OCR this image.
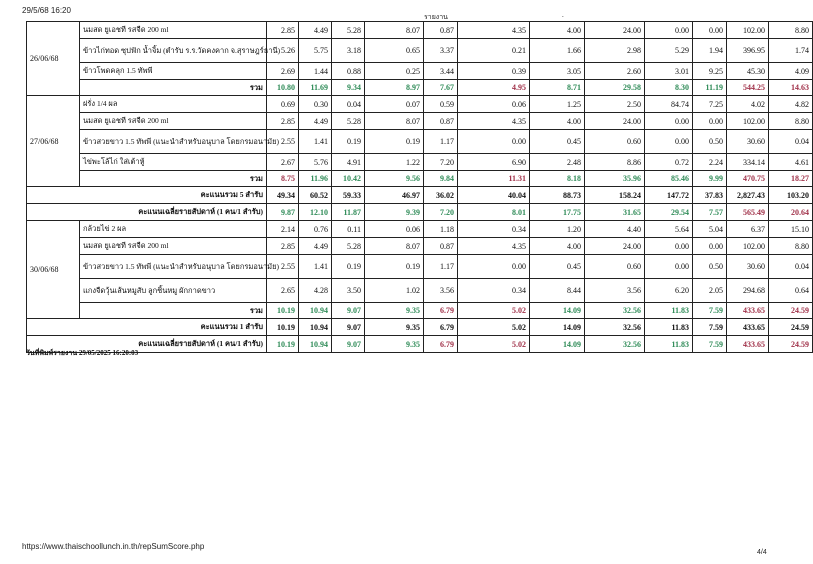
29/5/68 16:20
รายงาน	.
26/06/68	นมสด ยูเอชที รสจืด 200 ml	2.85	4.49	5.28	8.07	0.87	4.35	4.00	24.00	0.00	0.00	102.00	8.80
	ข้าวไก่ทอด ซุปฟัก น้ำจิ้ม (ตำรับ ร.ร.วัดคงคาก จ.สุราษฎร์ธานี)	5.26	5.75	3.18	0.65	3.37	0.21	1.66	2.98	5.29	1.94	396.95	1.74
	ข้าวโพดคลุก 1.5 ทัพพี	2.69	1.44	0.88	0.25	3.44	0.39	3.05	2.60	3.01	9.25	45.30	4.09
	รวม	10.80	11.69	9.34	8.97	7.67	4.95	8.71	29.58	8.30	11.19	544.25	14.63
27/06/68	ฝรั่ง 1/4 ผล	0.69	0.30	0.04	0.07	0.59	0.06	1.25	2.50	84.74	7.25	4.02	4.82
	นมสด ยูเอชที รสจืด 200 ml	2.85	4.49	5.28	8.07	0.87	4.35	4.00	24.00	0.00	0.00	102.00	8.80
	ข้าวสวยขาว 1.5 ทัพพี (แนะนำสำหรับอนุบาล โดยกรมอนามัย)	2.55	1.41	0.19	0.19	1.17	0.00	0.45	0.60	0.00	0.50	30.60	0.04
	ไข่พะโล้ไก่ ใส่เต้าหู้	2.67	5.76	4.91	1.22	7.20	6.90	2.48	8.86	0.72	2.24	334.14	4.61
	รวม	8.75	11.96	10.42	9.56	9.84	11.31	8.18	35.96	85.46	9.99	470.75	18.27
คะแนนรวม 5 สำรับ		49.34	60.52	59.33	46.97	36.02	40.04	88.73	158.24	147.72	37.83	2,827.43	103.20
คะแนนเฉลี่ยรายสัปดาห์ (1 คน/1 สำรับ)		9.87	12.10	11.87	9.39	7.20	8.01	17.75	31.65	29.54	7.57	565.49	20.64
30/06/68	กล้วยไข่ 2 ผล	2.14	0.76	0.11	0.06	1.18	0.34	1.20	4.40	5.64	5.04	6.37	15.10
	นมสด ยูเอชที รสจืด 200 ml	2.85	4.49	5.28	8.07	0.87	4.35	4.00	24.00	0.00	0.00	102.00	8.80
	ข้าวสวยขาว 1.5 ทัพพี (แนะนำสำหรับอนุบาล โดยกรมอนามัย)	2.55	1.41	0.19	0.19	1.17	0.00	0.45	0.60	0.00	0.50	30.60	0.04
	แกงจืดวุ้นเส้นหมูสับ ลูกชิ้นหมู ผักกาดขาว	2.65	4.28	3.50	1.02	3.56	0.34	8.44	3.56	6.20	2.05	294.68	0.64
	รวม	10.19	10.94	9.07	9.35	6.79	5.02	14.09	32.56	11.83	7.59	433.65	24.59
คะแนนรวม 1 สำรับ		10.19	10.94	9.07	9.35	6.79	5.02	14.09	32.56	11.83	7.59	433.65	24.59
คะแนนเฉลี่ยรายสัปดาห์ (1 คน/1 สำรับ)		10.19	10.94	9.07	9.35	6.79	5.02	14.09	32.56	11.83	7.59	433.65	24.59
วันที่พิมพ์รายงาน 29/05/2025 16:20:03
https://www.thaischoollunch.in.th/repSumScore.php
4/4
